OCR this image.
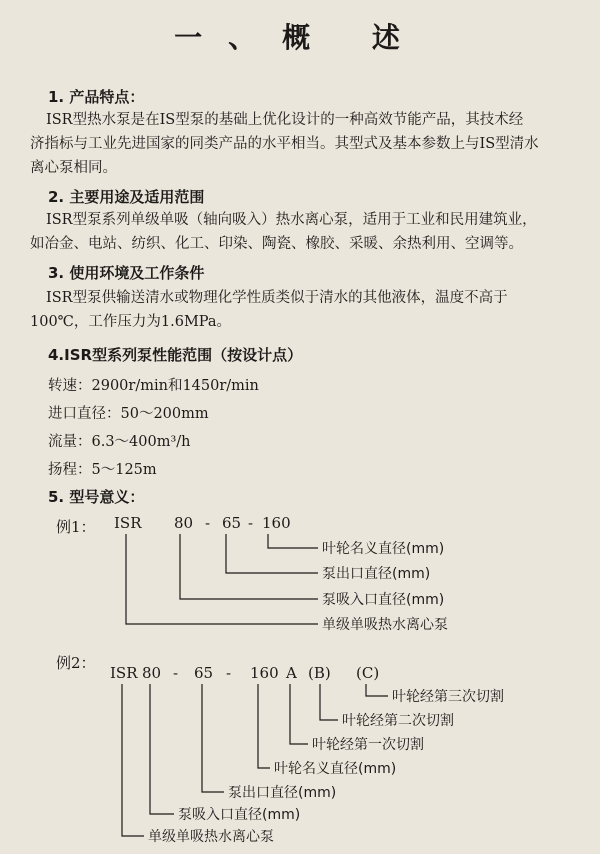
一、概 述
1. 产品特点：
ISR型热水泵是在IS型泵的基础上优化设计的一种高效节能产品，其技术经
济指标与工业先进国家的同类产品的水平相当。其型式及基本参数上与IS型清水
离心泵相同。
2. 主要用途及适用范围
ISR型泵系列单级单吸（轴向吸入）热水离心泵，适用于工业和民用建筑业，
如冶金、电站、纺织、化工、印染、陶瓷、橡胶、采暖、余热利用、空调等。
3. 使用环境及工作条件
ISR型泵供输送清水或物理化学性质类似于清水的其他液体，温度不高于
100℃，工作压力为1.6MPa。
4.ISR型系列泵性能范围（按设计点）
转速：2900r/min和1450r/min
进口直径：50～200mm
流量：6.3～400m³/h
扬程：5～125m
5. 型号意义：
例1： ISR 80 - 65 - 160
叶轮名义直径(mm)
泵出口直径(mm)
泵吸入口直径(mm)
单级单吸热水离心泵
例2：
ISR 80 - 65 - 160 A (B) (C)
叶轮经第三次切割
叶轮经第二次切割
叶轮经第一次切割
叶轮名义直径(mm)
泵出口直径(mm)
泵吸入口直径(mm)
单级单吸热水离心泵
